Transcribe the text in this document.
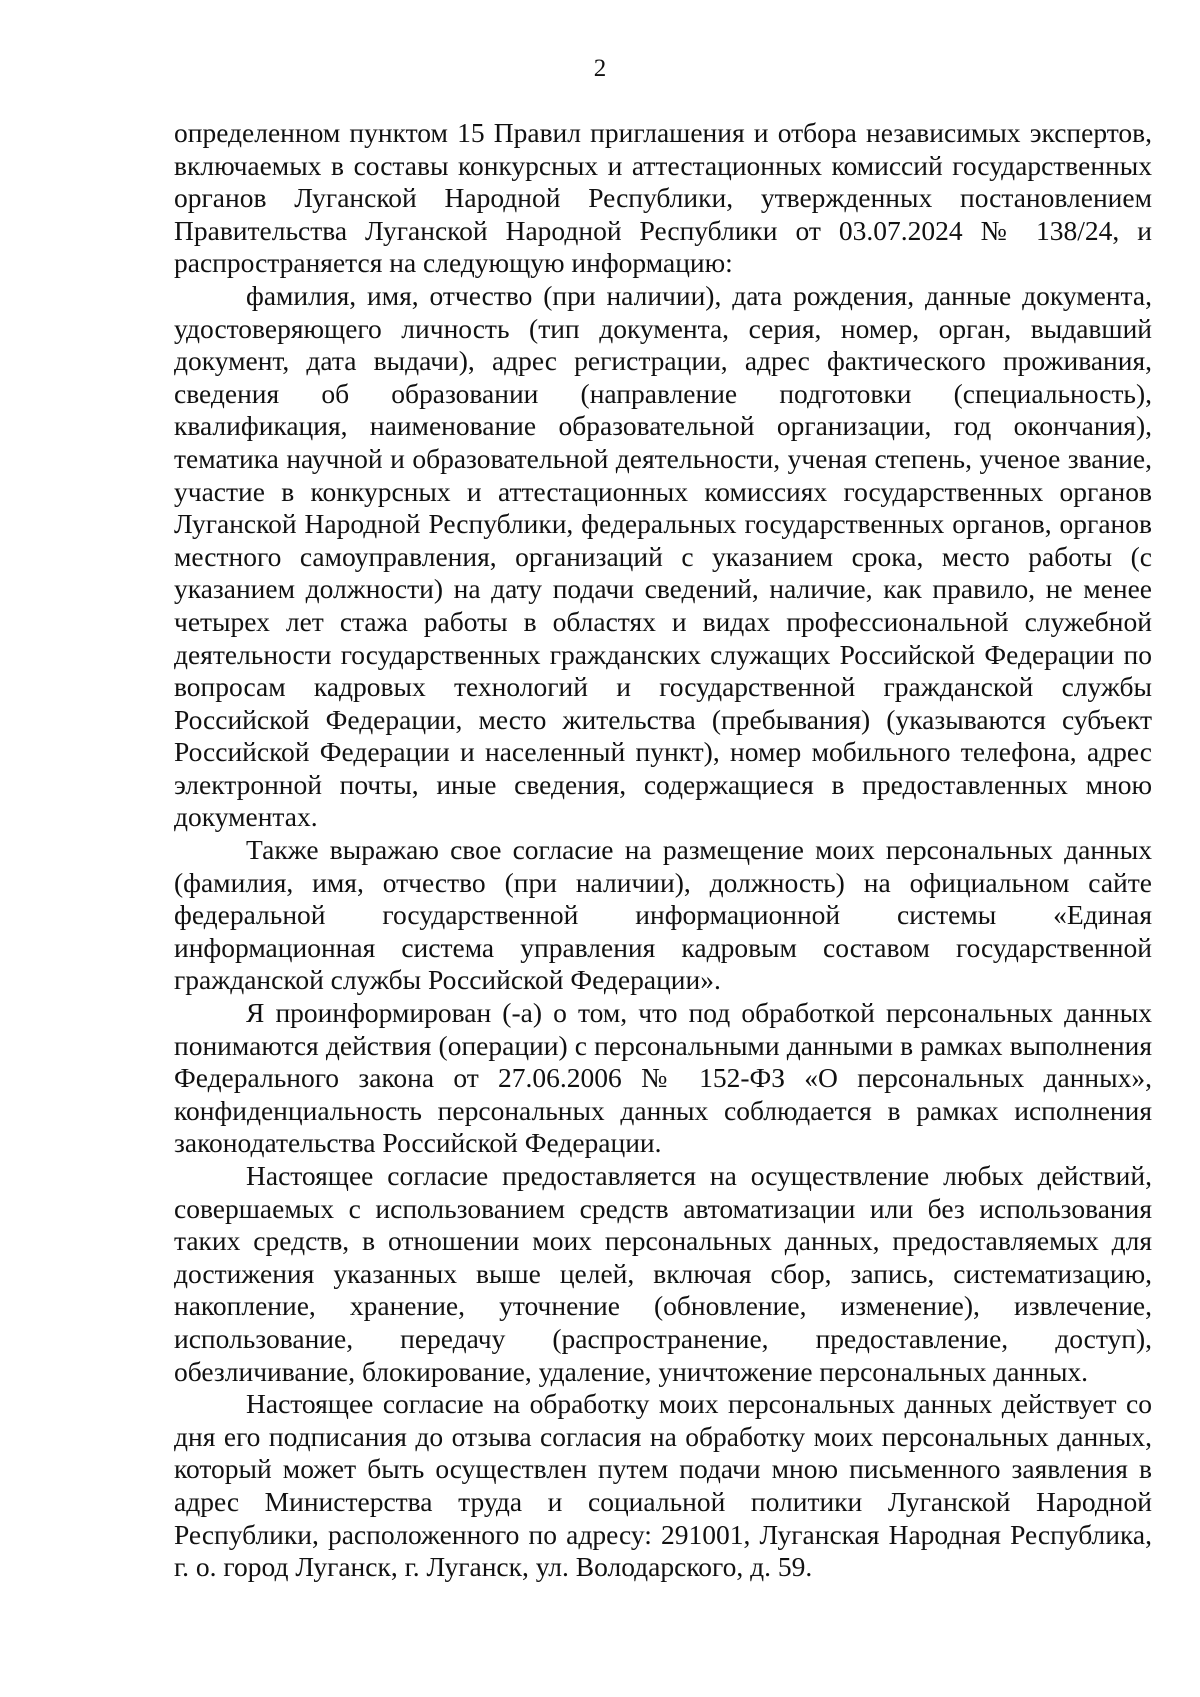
2

определенном пунктом 15 Правил приглашения и отбора независимых экспертов, включаемых в составы конкурсных и аттестационных комиссий государственных органов Луганской Народной Республики, утвержденных постановлением Правительства Луганской Народной Республики от 03.07.2024 № 138/24, и распространяется на следующую информацию:

фамилия, имя, отчество (при наличии), дата рождения, данные документа, удостоверяющего личность (тип документа, серия, номер, орган, выдавший документ, дата выдачи), адрес регистрации, адрес фактического проживания, сведения об образовании (направление подготовки (специальность), квалификация, наименование образовательной организации, год окончания), тематика научной и образовательной деятельности, ученая степень, ученое звание, участие в конкурсных и аттестационных комиссиях государственных органов Луганской Народной Республики, федеральных государственных органов, органов местного самоуправления, организаций с указанием срока, место работы (с указанием должности) на дату подачи сведений, наличие, как правило, не менее четырех лет стажа работы в областях и видах профессиональной служебной деятельности государственных гражданских служащих Российской Федерации по вопросам кадровых технологий и государственной гражданской службы Российской Федерации, место жительства (пребывания) (указываются субъект Российской Федерации и населенный пункт), номер мобильного телефона, адрес электронной почты, иные сведения, содержащиеся в предоставленных мною документах.

Также выражаю свое согласие на размещение моих персональных данных (фамилия, имя, отчество (при наличии), должность) на официальном сайте федеральной государственной информационной системы «Единая информационная система управления кадровым составом государственной гражданской службы Российской Федерации».

Я проинформирован (-а) о том, что под обработкой персональных данных понимаются действия (операции) с персональными данными в рамках выполнения Федерального закона от 27.06.2006 № 152-ФЗ «О персональных данных», конфиденциальность персональных данных соблюдается в рамках исполнения законодательства Российской Федерации.

Настоящее согласие предоставляется на осуществление любых действий, совершаемых с использованием средств автоматизации или без использования таких средств, в отношении моих персональных данных, предоставляемых для достижения указанных выше целей, включая сбор, запись, систематизацию, накопление, хранение, уточнение (обновление, изменение), извлечение, использование, передачу (распространение, предоставление, доступ), обезличивание, блокирование, удаление, уничтожение персональных данных.

Настоящее согласие на обработку моих персональных данных действует со дня его подписания до отзыва согласия на обработку моих персональных данных, который может быть осуществлен путем подачи мною письменного заявления в адрес Министерства труда и социальной политики Луганской Народной Республики, расположенного по адресу: 291001, Луганская Народная Республика, г. о. город Луганск, г. Луганск, ул. Володарского, д. 59.
